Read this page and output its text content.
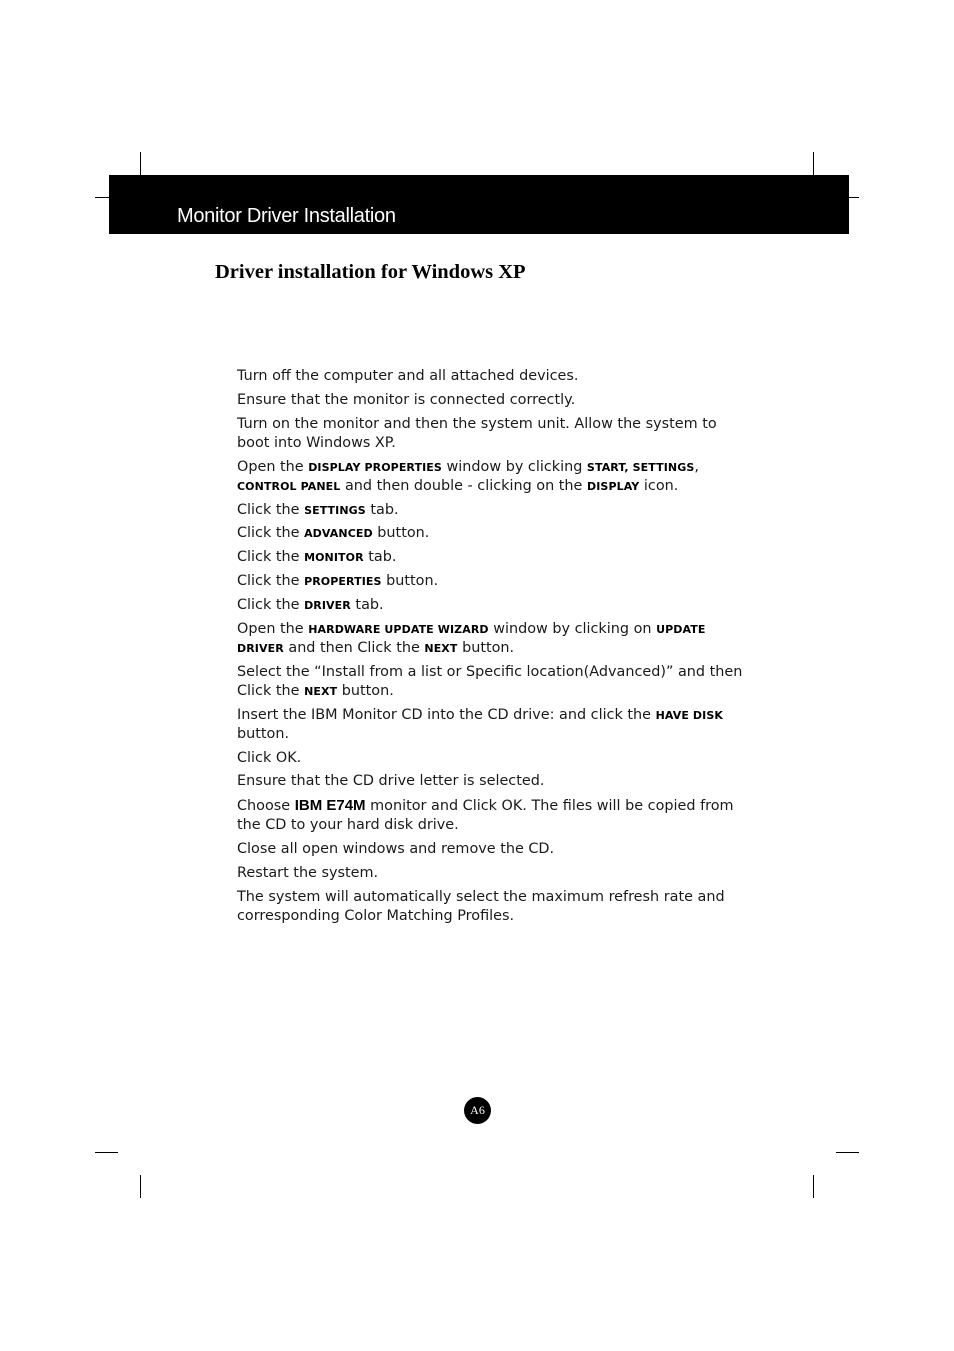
Monitor Driver Installation
Driver installation for Windows XP
Turn off the computer and all attached devices.
Ensure that the monitor is connected correctly.
Turn on the monitor and then the system unit. Allow the system to boot into Windows XP.
Open the DISPLAY PROPERTIES window by clicking START, SETTINGS, CONTROL PANEL and then double - clicking on the DISPLAY icon.
Click the SETTINGS tab.
Click the ADVANCED button.
Click the MONITOR tab.
Click the PROPERTIES button.
Click the DRIVER tab.
Open the HARDWARE UPDATE WIZARD window by clicking on UPDATE DRIVER and then Click the NEXT button.
Select the “Install from a list or Specific location(Advanced)” and then Click the NEXT button.
Insert the IBM Monitor CD into the CD drive: and click the HAVE DISK button.
Click OK.
Ensure that the CD drive letter is selected.
Choose IBM E74M monitor and Click OK. The files will be copied from the CD to your hard disk drive.
Close all open windows and remove the CD.
Restart the system.
The system will automatically select the maximum refresh rate and corresponding Color Matching Profiles.
A6
